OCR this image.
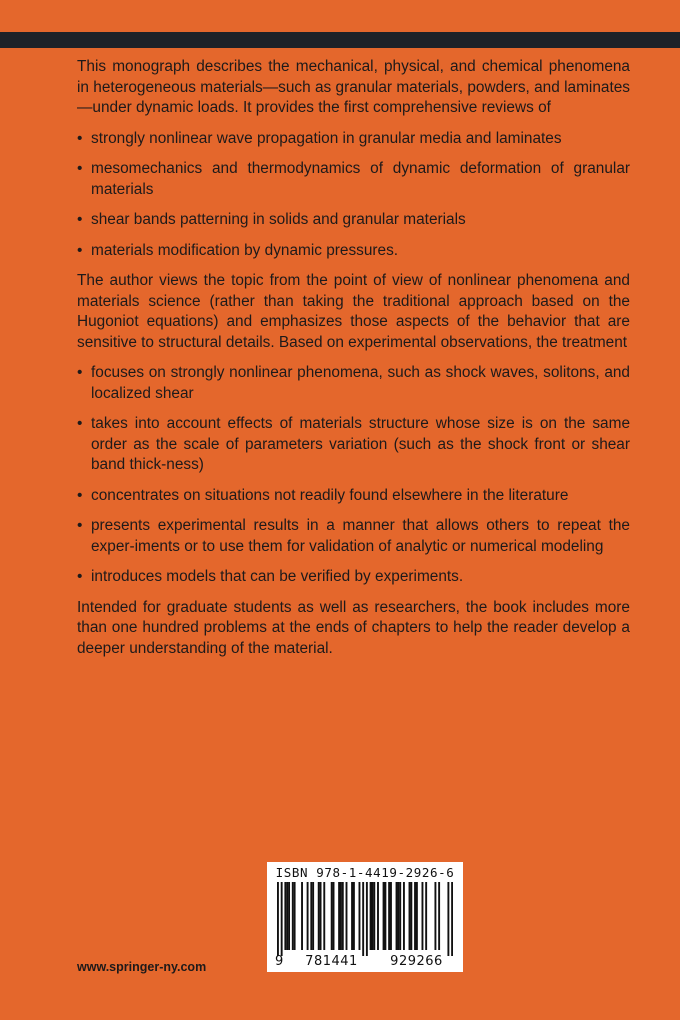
This monograph describes the mechanical, physical, and chemical phenomena in heterogeneous materials—such as granular materials, powders, and laminates—under dynamic loads. It provides the first comprehensive reviews of

• strongly nonlinear wave propagation in granular media and laminates
• mesomechanics and thermodynamics of dynamic deformation of granular materials
• shear bands patterning in solids and granular materials
• materials modification by dynamic pressures.

The author views the topic from the point of view of nonlinear phenomena and materials science (rather than taking the traditional approach based on the Hugoniot equations) and emphasizes those aspects of the behavior that are sensitive to structural details. Based on experimental observations, the treatment

• focuses on strongly nonlinear phenomena, such as shock waves, solitons, and localized shear
• takes into account effects of materials structure whose size is on the same order as the scale of parameters variation (such as the shock front or shear band thick-ness)
• concentrates on situations not readily found elsewhere in the literature
• presents experimental results in a manner that allows others to repeat the exper-iments or to use them for validation of analytic or numerical modeling
• introduces models that can be verified by experiments.

Intended for graduate students as well as researchers, the book includes more than one hundred problems at the ends of chapters to help the reader develop a deeper understanding of the material.

ISBN 978-1-4419-2926-6
9	781441	929266
www.springer-ny.com
